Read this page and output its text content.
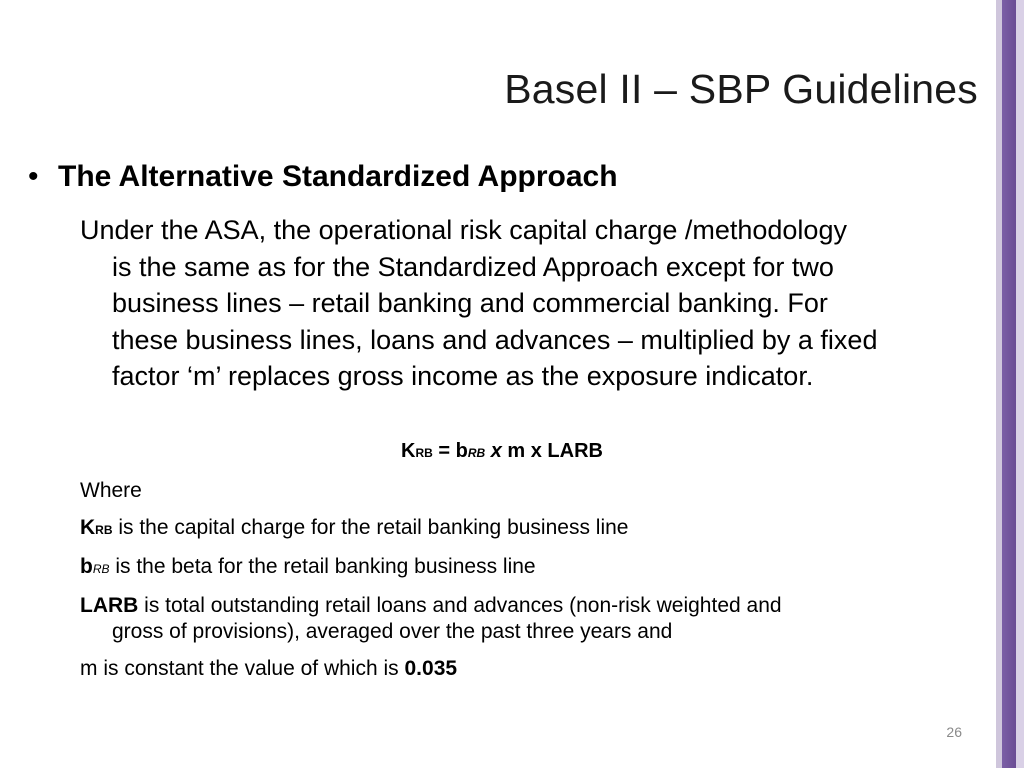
Basel II – SBP Guidelines
• The Alternative Standardized Approach
Under the ASA, the operational risk capital charge /methodology
is the same as for the Standardized Approach except for two
business lines – retail banking and commercial banking. For
these business lines, loans and advances – multiplied by a fixed
factor ‘m’ replaces gross income as the exposure indicator.
KRB = bRB x m x LARB
Where
KRB is the capital charge for the retail banking business line
bRB is the beta for the retail banking business line
LARB is total outstanding retail loans and advances (non-risk weighted and
gross of provisions), averaged over the past three years and
m is constant the value of which is 0.035
26
